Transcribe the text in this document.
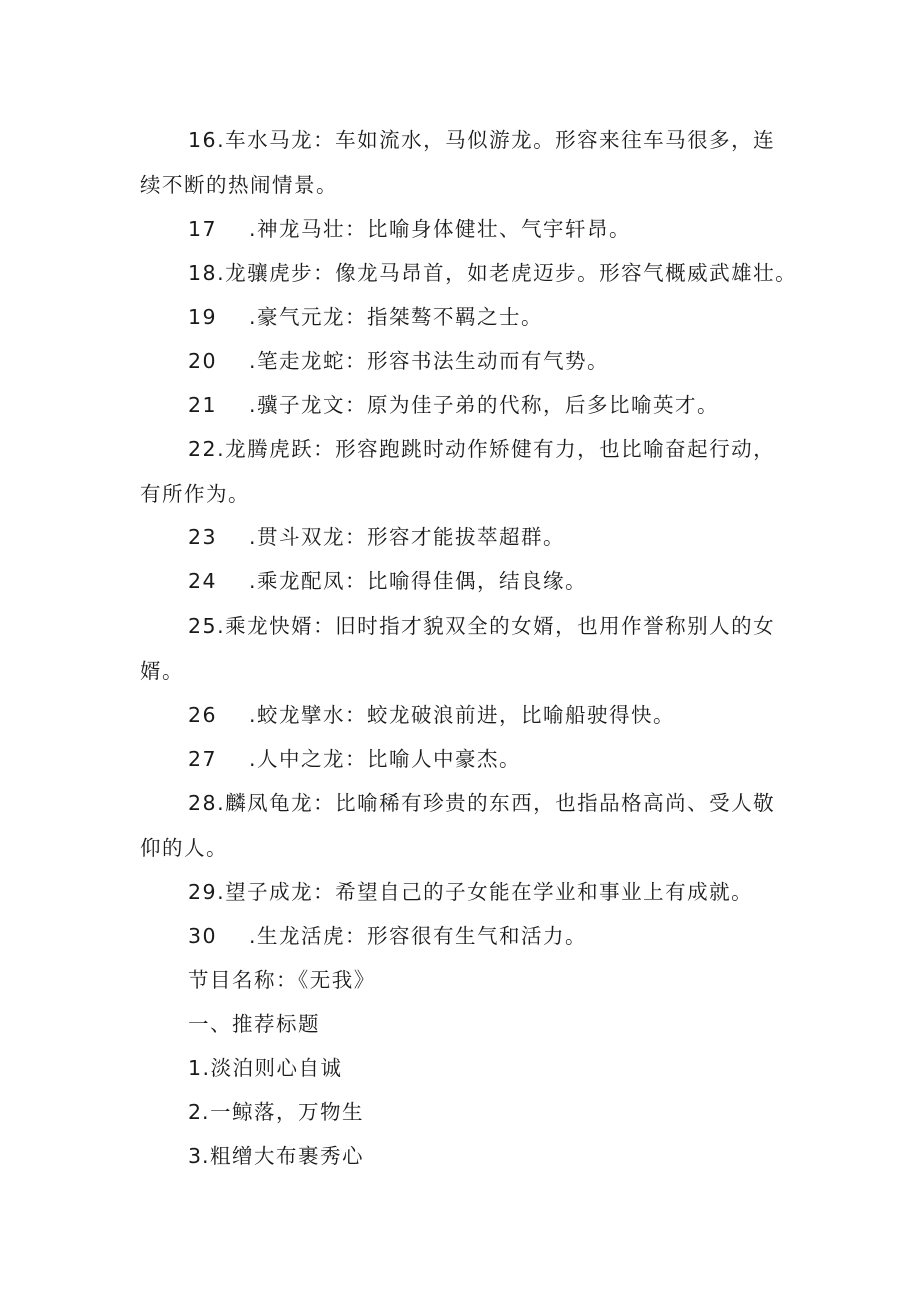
16.车水马龙：车如流水，马似游龙。形容来往车马很多，连
续不断的热闹情景。
17 .神龙马壮：比喻身体健壮、气宇轩昂。
18.龙骧虎步：像龙马昂首，如老虎迈步。形容气概威武雄壮。
19 .豪气元龙：指桀骜不羁之士。
20 .笔走龙蛇：形容书法生动而有气势。
21 .骥子龙文：原为佳子弟的代称，后多比喻英才。
22.龙腾虎跃：形容跑跳时动作矫健有力，也比喻奋起行动，
有所作为。
23 .贯斗双龙：形容才能拔萃超群。
24 .乘龙配凤：比喻得佳偶，结良缘。
25.乘龙快婿：旧时指才貌双全的女婿，也用作誉称别人的女
婿。
26 .蛟龙擘水：蛟龙破浪前进，比喻船驶得快。
27 .人中之龙：比喻人中豪杰。
28.麟凤龟龙：比喻稀有珍贵的东西，也指品格高尚、受人敬
仰的人。
29.望子成龙：希望自己的子女能在学业和事业上有成就。
30 .生龙活虎：形容很有生气和活力。
节目名称：《无我》
一、推荐标题
1.淡泊则心自诚
2.一鲸落，万物生
3.粗缯大布裹秀心
